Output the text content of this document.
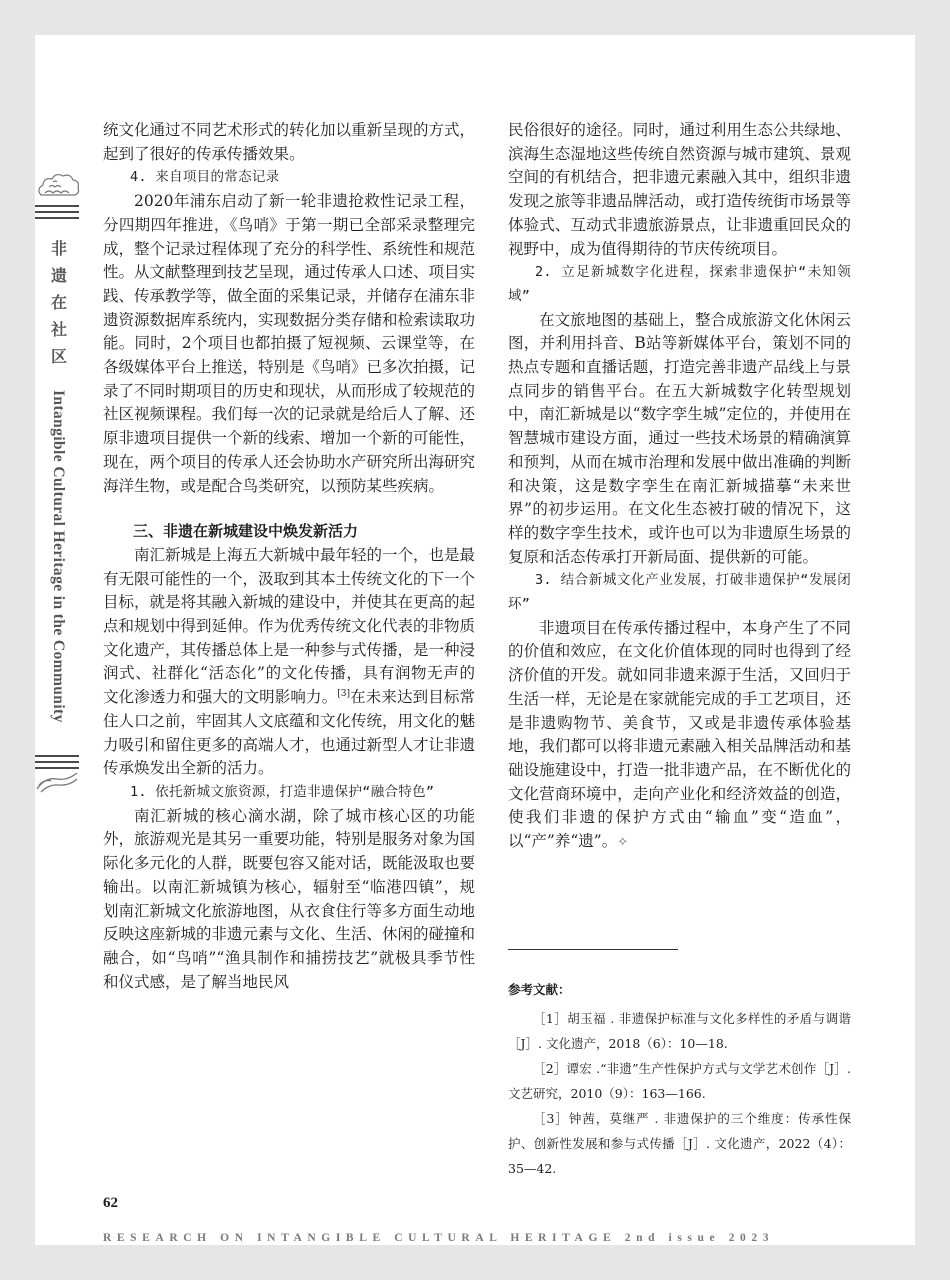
非
遗
在
社
区
Intangible Cultural Heritage in the Community

统文化通过不同艺术形式的转化加以重新呈现的方式，起到了很好的传承传播效果。

4. 来自项目的常态记录

2020年浦东启动了新一轮非遗抢救性记录工程，分四期四年推进，《鸟哨》于第一期已全部采录整理完成，整个记录过程体现了充分的科学性、系统性和规范性。从文献整理到技艺呈现，通过传承人口述、项目实践、传承教学等，做全面的采集记录，并储存在浦东非遗资源数据库系统内，实现数据分类存储和检索读取功能。同时，2个项目也都拍摄了短视频、云课堂等，在各级媒体平台上推送，特别是《鸟哨》已多次拍摄，记录了不同时期项目的历史和现状，从而形成了较规范的社区视频课程。我们每一次的记录就是给后人了解、还原非遗项目提供一个新的线索、增加一个新的可能性，现在，两个项目的传承人还会协助水产研究所出海研究海洋生物，或是配合鸟类研究，以预防某些疾病。

三、非遗在新城建设中焕发新活力

南汇新城是上海五大新城中最年轻的一个，也是最有无限可能性的一个，汲取到其本土传统文化的下一个目标，就是将其融入新城的建设中，并使其在更高的起点和规划中得到延伸。作为优秀传统文化代表的非物质文化遗产，其传播总体上是一种参与式传播，是一种浸润式、社群化“活态化”的文化传播，具有润物无声的文化渗透力和强大的文明影响力。[3]在未来达到目标常住人口之前，牢固其人文底蕴和文化传统，用文化的魅力吸引和留住更多的高端人才，也通过新型人才让非遗传承焕发出全新的活力。

1. 依托新城文旅资源，打造非遗保护“融合特色”

南汇新城的核心滴水湖，除了城市核心区的功能外，旅游观光是其另一重要功能，特别是服务对象为国际化多元化的人群，既要包容又能对话，既能汲取也要输出。以南汇新城镇为核心，辐射至“临港四镇”，规划南汇新城文化旅游地图，从衣食住行等多方面生动地反映这座新城的非遗元素与文化、生活、休闲的碰撞和融合，如“鸟哨”“渔具制作和捕捞技艺”就极具季节性和仪式感，是了解当地民风

民俗很好的途径。同时，通过利用生态公共绿地、滨海生态湿地这些传统自然资源与城市建筑、景观空间的有机结合，把非遗元素融入其中，组织非遗发现之旅等非遗品牌活动，或打造传统街市场景等体验式、互动式非遗旅游景点，让非遗重回民众的视野中，成为值得期待的节庆传统项目。

2. 立足新城数字化进程，探索非遗保护“未知领域”

在文旅地图的基础上，整合成旅游文化休闲云图，并利用抖音、B站等新媒体平台，策划不同的热点专题和直播话题，打造完善非遗产品线上与景点同步的销售平台。在五大新城数字化转型规划中，南汇新城是以“数字孪生城”定位的，并使用在智慧城市建设方面，通过一些技术场景的精确演算和预判，从而在城市治理和发展中做出准确的判断和决策，这是数字孪生在南汇新城描摹“未来世界”的初步运用。在文化生态被打破的情况下，这样的数字孪生技术，或许也可以为非遗原生场景的复原和活态传承打开新局面、提供新的可能。

3. 结合新城文化产业发展，打破非遗保护“发展闭环”

非遗项目在传承传播过程中，本身产生了不同的价值和效应，在文化价值体现的同时也得到了经济价值的开发。就如同非遗来源于生活，又回归于生活一样，无论是在家就能完成的手工艺项目，还是非遗购物节、美食节，又或是非遗传承体验基地，我们都可以将非遗元素融入相关品牌活动和基础设施建设中，打造一批非遗产品，在不断优化的文化营商环境中，走向产业化和经济效益的创造，使我们非遗的保护方式由“输血”变“造血”，以“产”养“遗”。✧

参考文献：

［1］胡玉福 . 非遗保护标准与文化多样性的矛盾与调谐［J］. 文化遗产，2018（6）：10—18.

［2］谭宏 .“非遗”生产性保护方式与文学艺术创作［J］. 文艺研究，2010（9）：163—166.

［3］钟茜，莫继严 . 非遗保护的三个维度：传承性保护、创新性发展和参与式传播［J］. 文化遗产，2022（4）：35—42.

62
RESEARCH ON INTANGIBLE CULTURAL HERITAGE 2nd issue 2023
